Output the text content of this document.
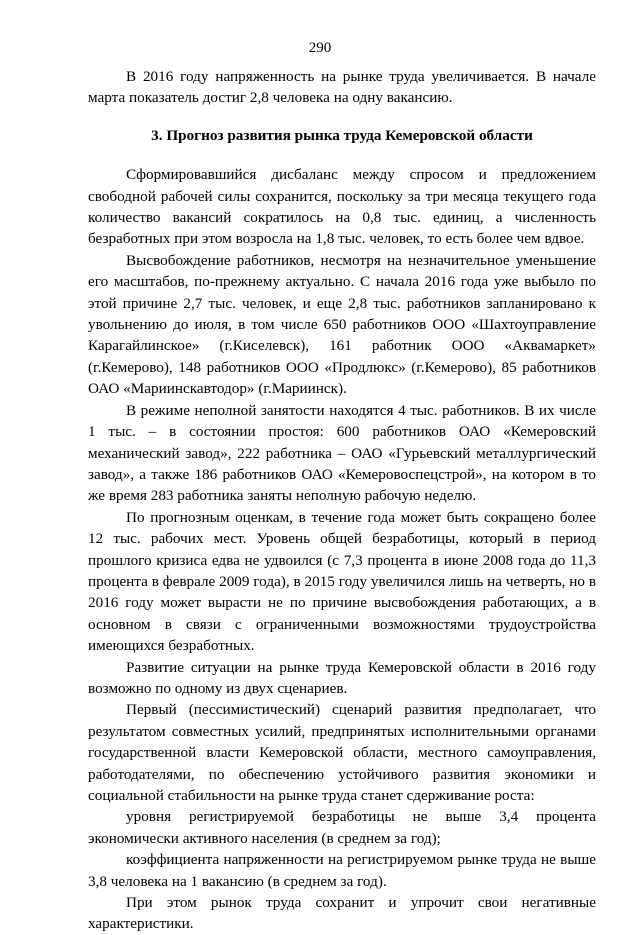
290

В 2016 году напряженность на рынке труда увеличивается. В начале марта показатель достиг 2,8 человека на одну вакансию.

3. Прогноз развития рынка труда Кемеровской области

Сформировавшийся дисбаланс между спросом и предложением свободной рабочей силы сохранится, поскольку за три месяца текущего года количество вакансий сократилось на 0,8 тыс. единиц, а численность безработных при этом возросла на 1,8 тыс. человек, то есть более чем вдвое.

Высвобождение работников, несмотря на незначительное уменьшение его масштабов, по-прежнему актуально. С начала 2016 года уже выбыло по этой причине 2,7 тыс. человек, и еще 2,8 тыс. работников запланировано к увольнению до июля, в том числе 650 работников ООО «Шахтоуправление Карагайлинское» (г.Киселевск), 161 работник ООО «Аквамаркет» (г.Кемерово), 148 работников ООО «Продлюкс» (г.Кемерово), 85 работников ОАО «Мариинскавтодор» (г.Мариинск).

В режиме неполной занятости находятся 4 тыс. работников. В их числе 1 тыс. – в состоянии простоя: 600 работников ОАО «Кемеровский механический завод», 222 работника – ОАО «Гурьевский металлургический завод», а также 186 работников ОАО «Кемеровоспецстрой», на котором в то же время 283 работника заняты неполную рабочую неделю.

По прогнозным оценкам, в течение года может быть сокращено более 12 тыс. рабочих мест. Уровень общей безработицы, который в период прошлого кризиса едва не удвоился (с 7,3 процента в июне 2008 года до 11,3 процента в феврале 2009 года), в 2015 году увеличился лишь на четверть, но в 2016 году может вырасти не по причине высвобождения работающих, а в основном в связи с ограниченными возможностями трудоустройства имеющихся безработных.

Развитие ситуации на рынке труда Кемеровской области в 2016 году возможно по одному из двух сценариев.

Первый (пессимистический) сценарий развития предполагает, что результатом совместных усилий, предпринятых исполнительными органами государственной власти Кемеровской области, местного самоуправления, работодателями, по обеспечению устойчивого развития экономики и социальной стабильности на рынке труда станет сдерживание роста:

уровня регистрируемой безработицы не выше 3,4 процента экономически активного населения (в среднем за год);

коэффициента напряженности на регистрируемом рынке труда не выше 3,8 человека на 1 вакансию (в среднем за год).

При этом рынок труда сохранит и упрочит свои негативные характеристики.
